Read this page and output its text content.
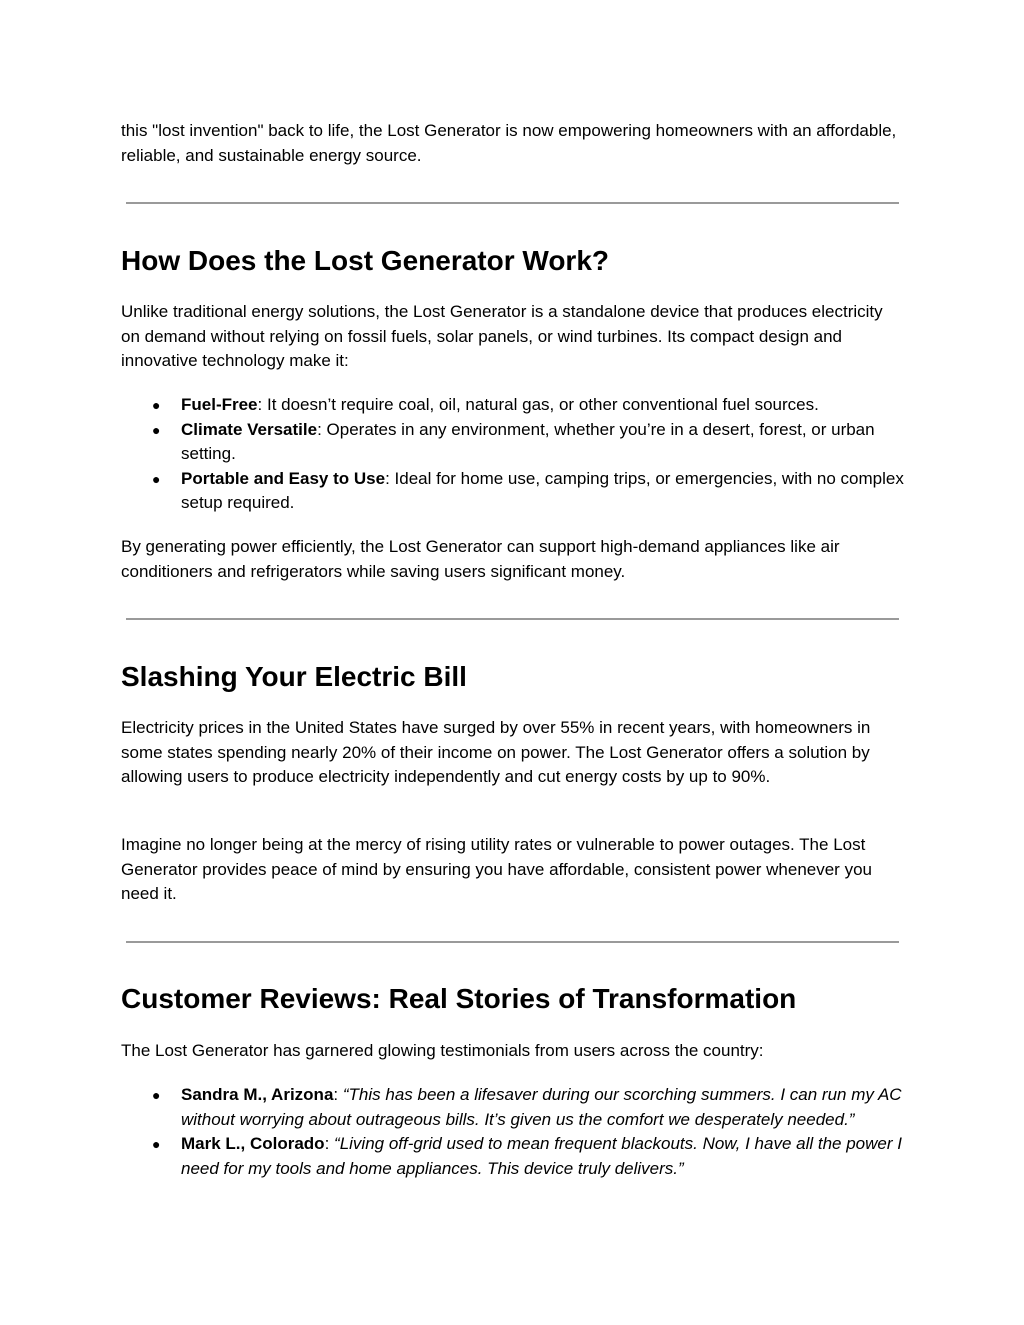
this "lost invention" back to life, the Lost Generator is now empowering homeowners with an affordable, reliable, and sustainable energy source.

How Does the Lost Generator Work?

Unlike traditional energy solutions, the Lost Generator is a standalone device that produces electricity on demand without relying on fossil fuels, solar panels, or wind turbines. Its compact design and innovative technology make it:

● Fuel-Free: It doesn’t require coal, oil, natural gas, or other conventional fuel sources.
● Climate Versatile: Operates in any environment, whether you’re in a desert, forest, or urban setting.
● Portable and Easy to Use: Ideal for home use, camping trips, or emergencies, with no complex setup required.

By generating power efficiently, the Lost Generator can support high-demand appliances like air conditioners and refrigerators while saving users significant money.

Slashing Your Electric Bill

Electricity prices in the United States have surged by over 55% in recent years, with homeowners in some states spending nearly 20% of their income on power. The Lost Generator offers a solution by allowing users to produce electricity independently and cut energy costs by up to 90%.

Imagine no longer being at the mercy of rising utility rates or vulnerable to power outages. The Lost Generator provides peace of mind by ensuring you have affordable, consistent power whenever you need it.

Customer Reviews: Real Stories of Transformation

The Lost Generator has garnered glowing testimonials from users across the country:

● Sandra M., Arizona: “This has been a lifesaver during our scorching summers. I can run my AC without worrying about outrageous bills. It’s given us the comfort we desperately needed.”
● Mark L., Colorado: “Living off-grid used to mean frequent blackouts. Now, I have all the power I need for my tools and home appliances. This device truly delivers.”
